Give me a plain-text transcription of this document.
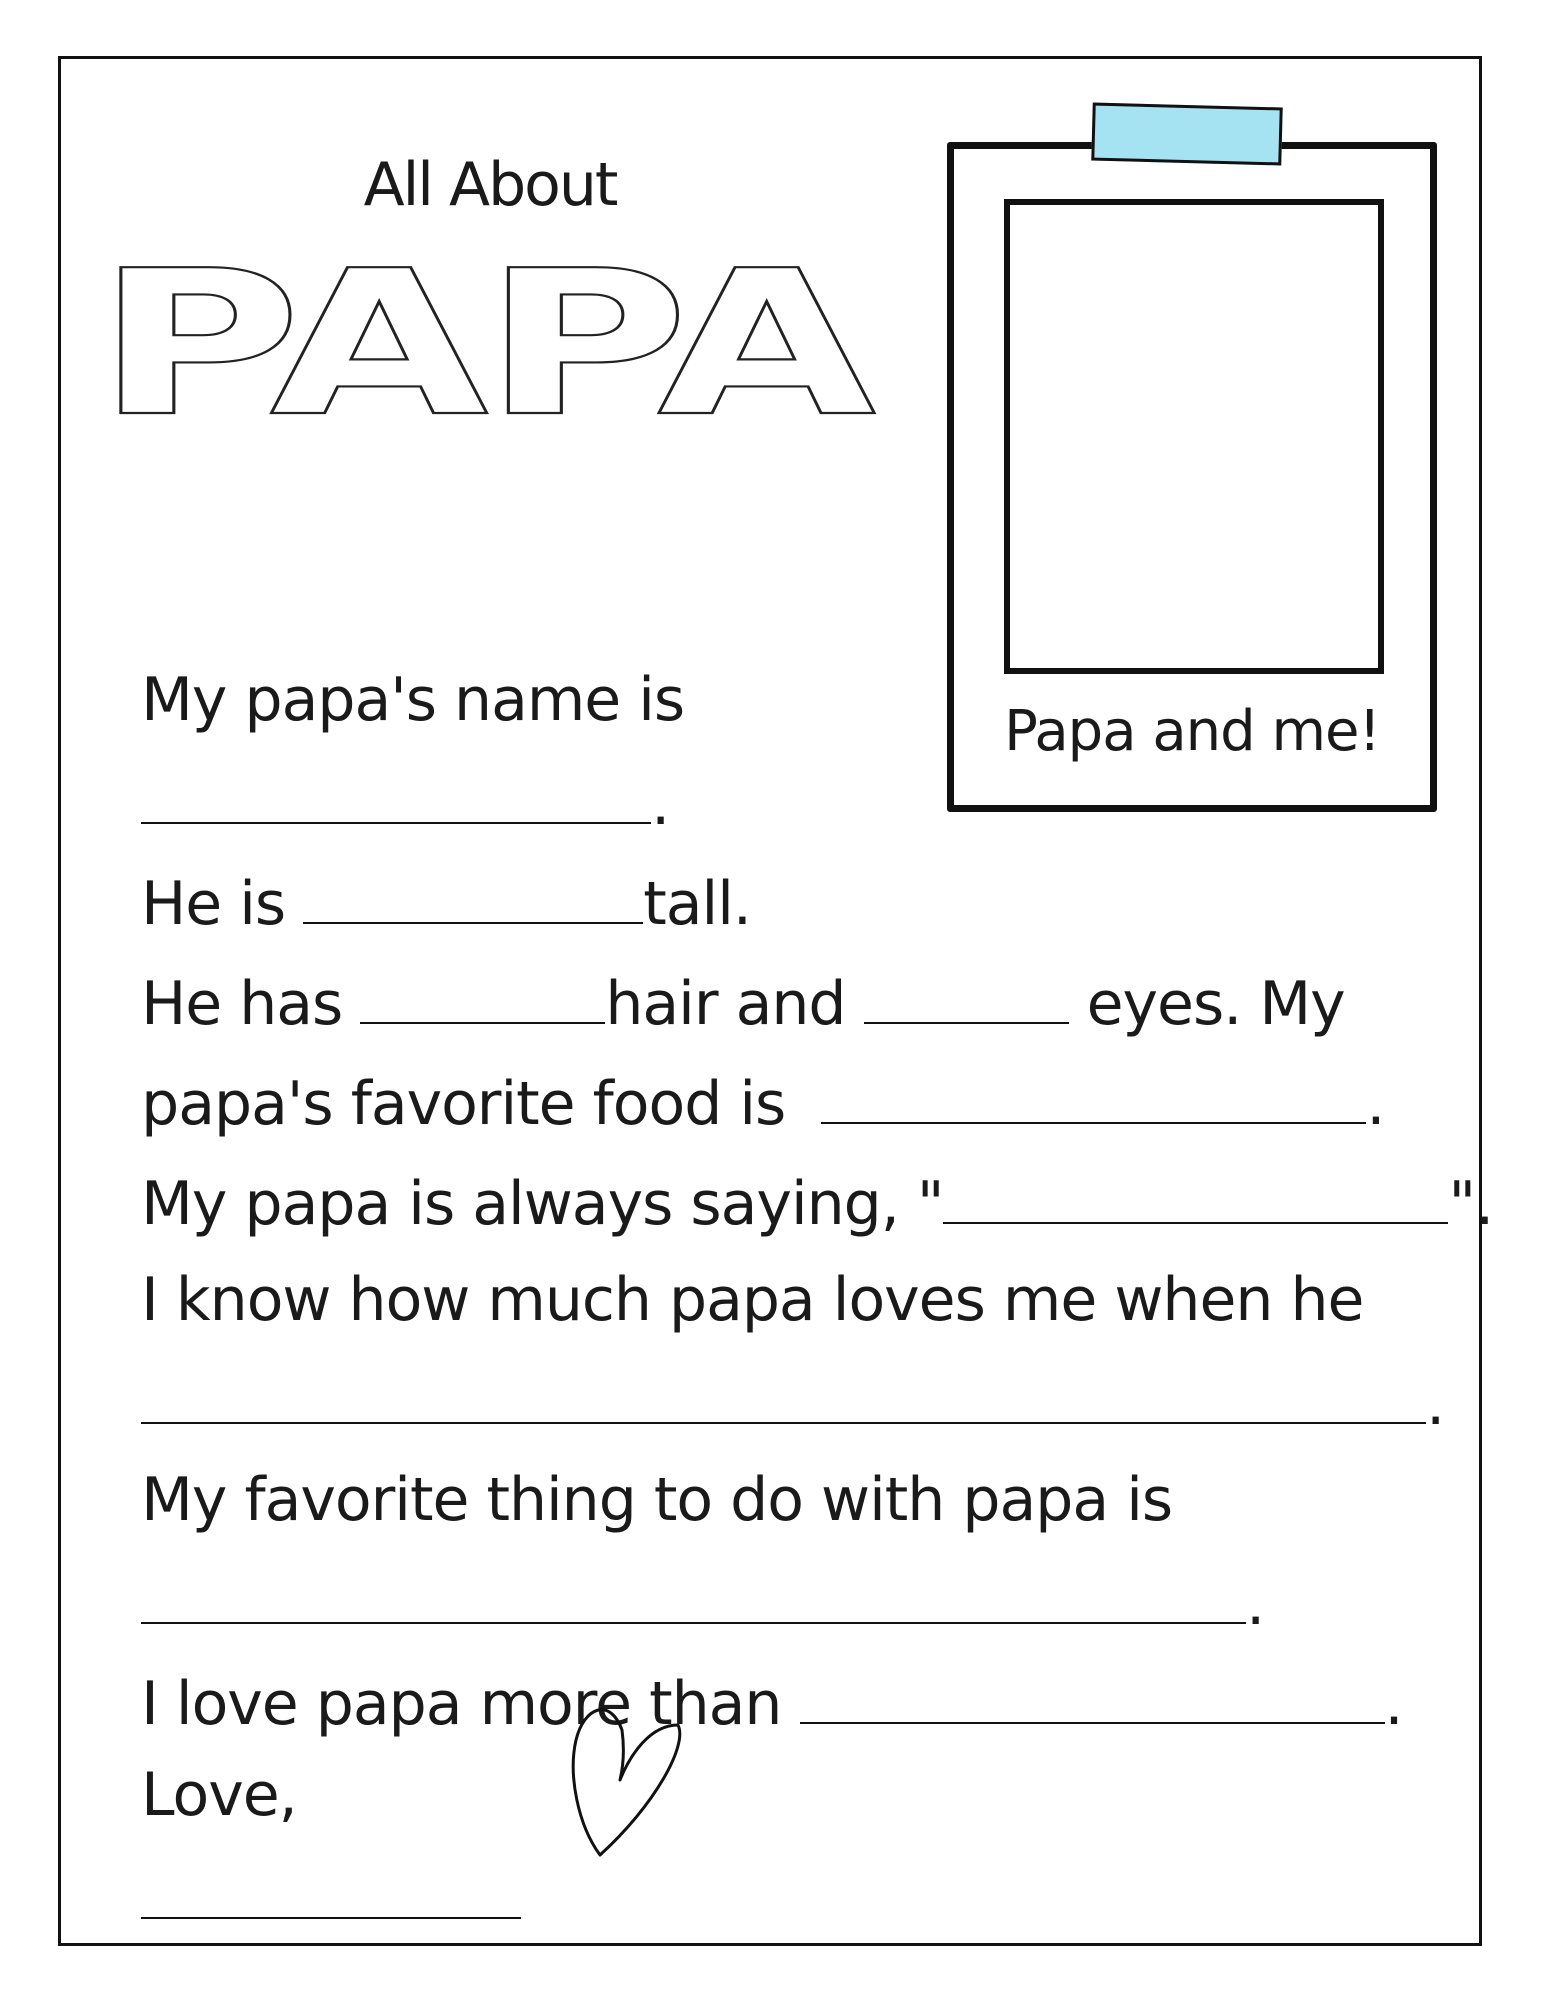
All About
PAPA
Papa and me!

My papa's name is

.

He is	tall.

He has	hair and	eyes. My

papa's favorite food is	.

My papa is always saying, "	".

I know how much papa loves me when he

.

My favorite thing to do with papa is

.

I love papa more than	.

Love,
